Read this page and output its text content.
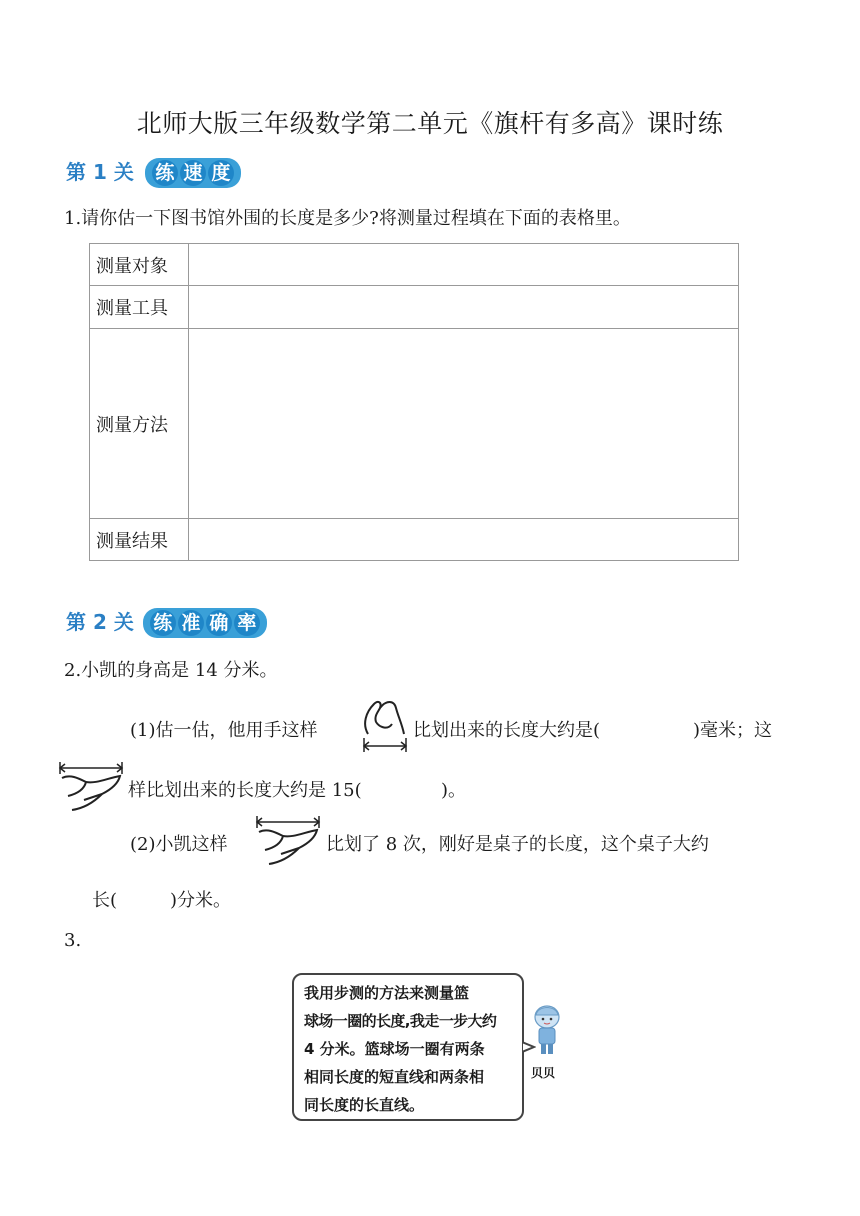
北师大版三年级数学第二单元《旗杆有多高》课时练
第 1 关 练 速 度
1.请你估一下图书馆外围的长度是多少?将测量过程填在下面的表格里。
测量对象	
测量工具	
测量方法	
测量结果	
第 2 关 练 准 确 率
2.小凯的身高是 14 分米。
(1)估一估，他用手这样	比划出来的长度大约是(	)毫米；这
样比划出来的长度大约是 15(	)。
(2)小凯这样	比划了 8 次，刚好是桌子的长度，这个桌子大约
长(	)分米。
3.
我用步测的方法来测量篮
球场一圈的长度,我走一步大约
4 分米。篮球场一圈有两条
相同长度的短直线和两条相
同长度的长直线。
贝贝
